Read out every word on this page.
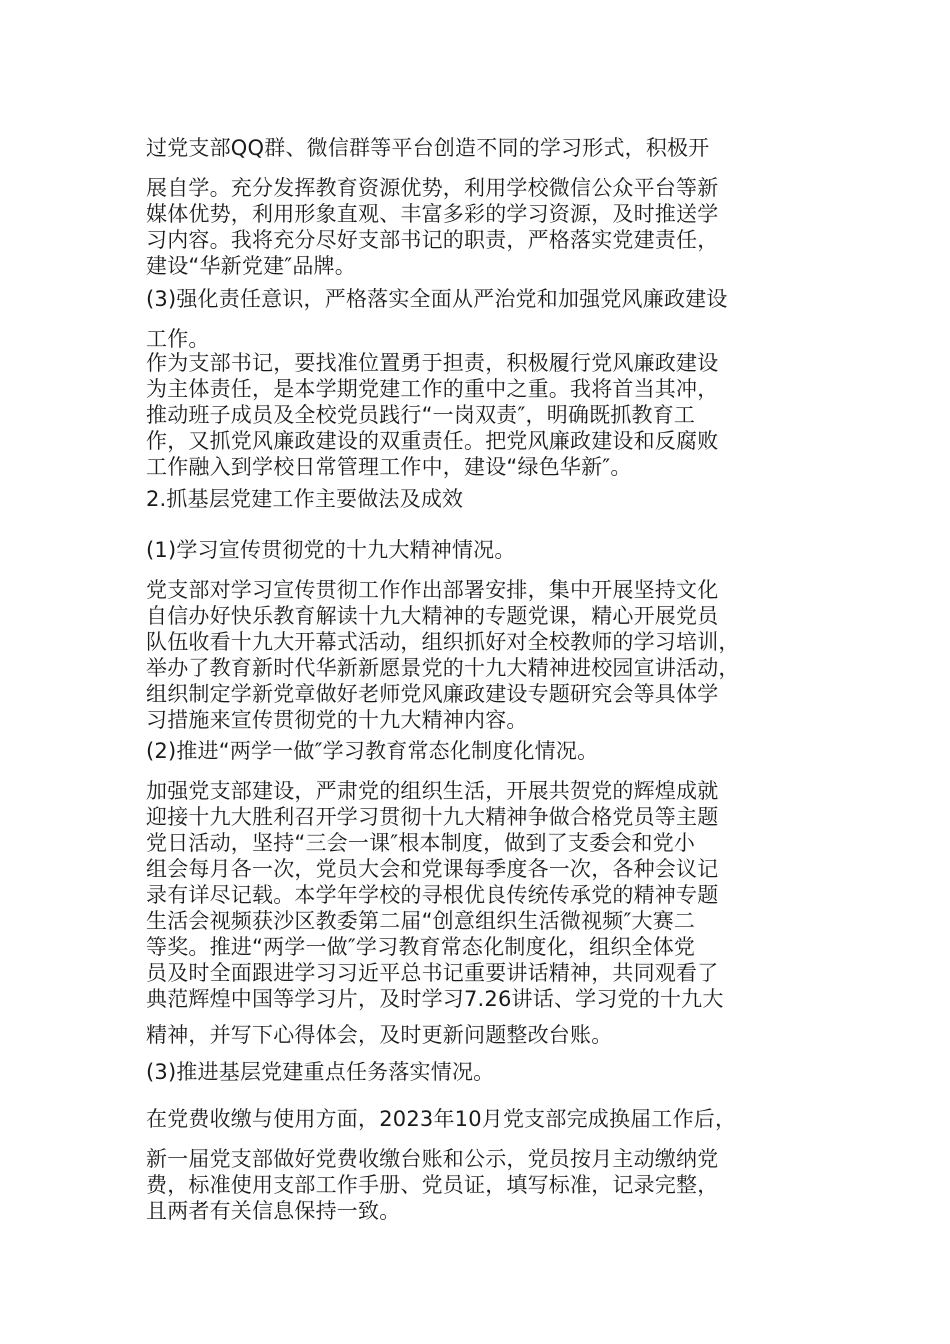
过党支部QQ群、微信群等平台创造不同的学习形式，积极开
展自学。充分发挥教育资源优势，利用学校微信公众平台等新
媒体优势，利用形象直观、丰富多彩的学习资源，及时推送学
习内容。我将充分尽好支部书记的职责，严格落实党建责任，
建设“华新党建″品牌。
(3)强化责任意识，严格落实全面从严治党和加强党风廉政建设
工作。
作为支部书记，要找准位置勇于担责，积极履行党风廉政建设
为主体责任，是本学期党建工作的重中之重。我将首当其冲，
推动班子成员及全校党员践行“一岗双责″，明确既抓教育工
作，又抓党风廉政建设的双重责任。把党风廉政建设和反腐败
工作融入到学校日常管理工作中，建设“绿色华新″。
2.抓基层党建工作主要做法及成效
(1)学习宣传贯彻党的十九大精神情况。
党支部对学习宣传贯彻工作作出部署安排，集中开展坚持文化
自信办好快乐教育解读十九大精神的专题党课，精心开展党员
队伍收看十九大开幕式活动，组织抓好对全校教师的学习培训，
举办了教育新时代华新新愿景党的十九大精神进校园宣讲活动，
组织制定学新党章做好老师党风廉政建设专题研究会等具体学
习措施来宣传贯彻党的十九大精神内容。
(2)推进“两学一做″学习教育常态化制度化情况。
加强党支部建设，严肃党的组织生活，开展共贺党的辉煌成就
迎接十九大胜利召开学习贯彻十九大精神争做合格党员等主题
党日活动，坚持“三会一课″根本制度，做到了支委会和党小
组会每月各一次，党员大会和党课每季度各一次，各种会议记
录有详尽记载。本学年学校的寻根优良传统传承党的精神专题
生活会视频获沙区教委第二届“创意组织生活微视频″大赛二
等奖。推进“两学一做″学习教育常态化制度化，组织全体党
员及时全面跟进学习习近平总书记重要讲话精神，共同观看了
典范辉煌中国等学习片，及时学习7.26讲话、学习党的十九大
精神，并写下心得体会，及时更新问题整改台账。
(3)推进基层党建重点任务落实情况。
在党费收缴与使用方面，2023年10月党支部完成换届工作后，
新一届党支部做好党费收缴台账和公示，党员按月主动缴纳党
费，标准使用支部工作手册、党员证，填写标准，记录完整，
且两者有关信息保持一致。
